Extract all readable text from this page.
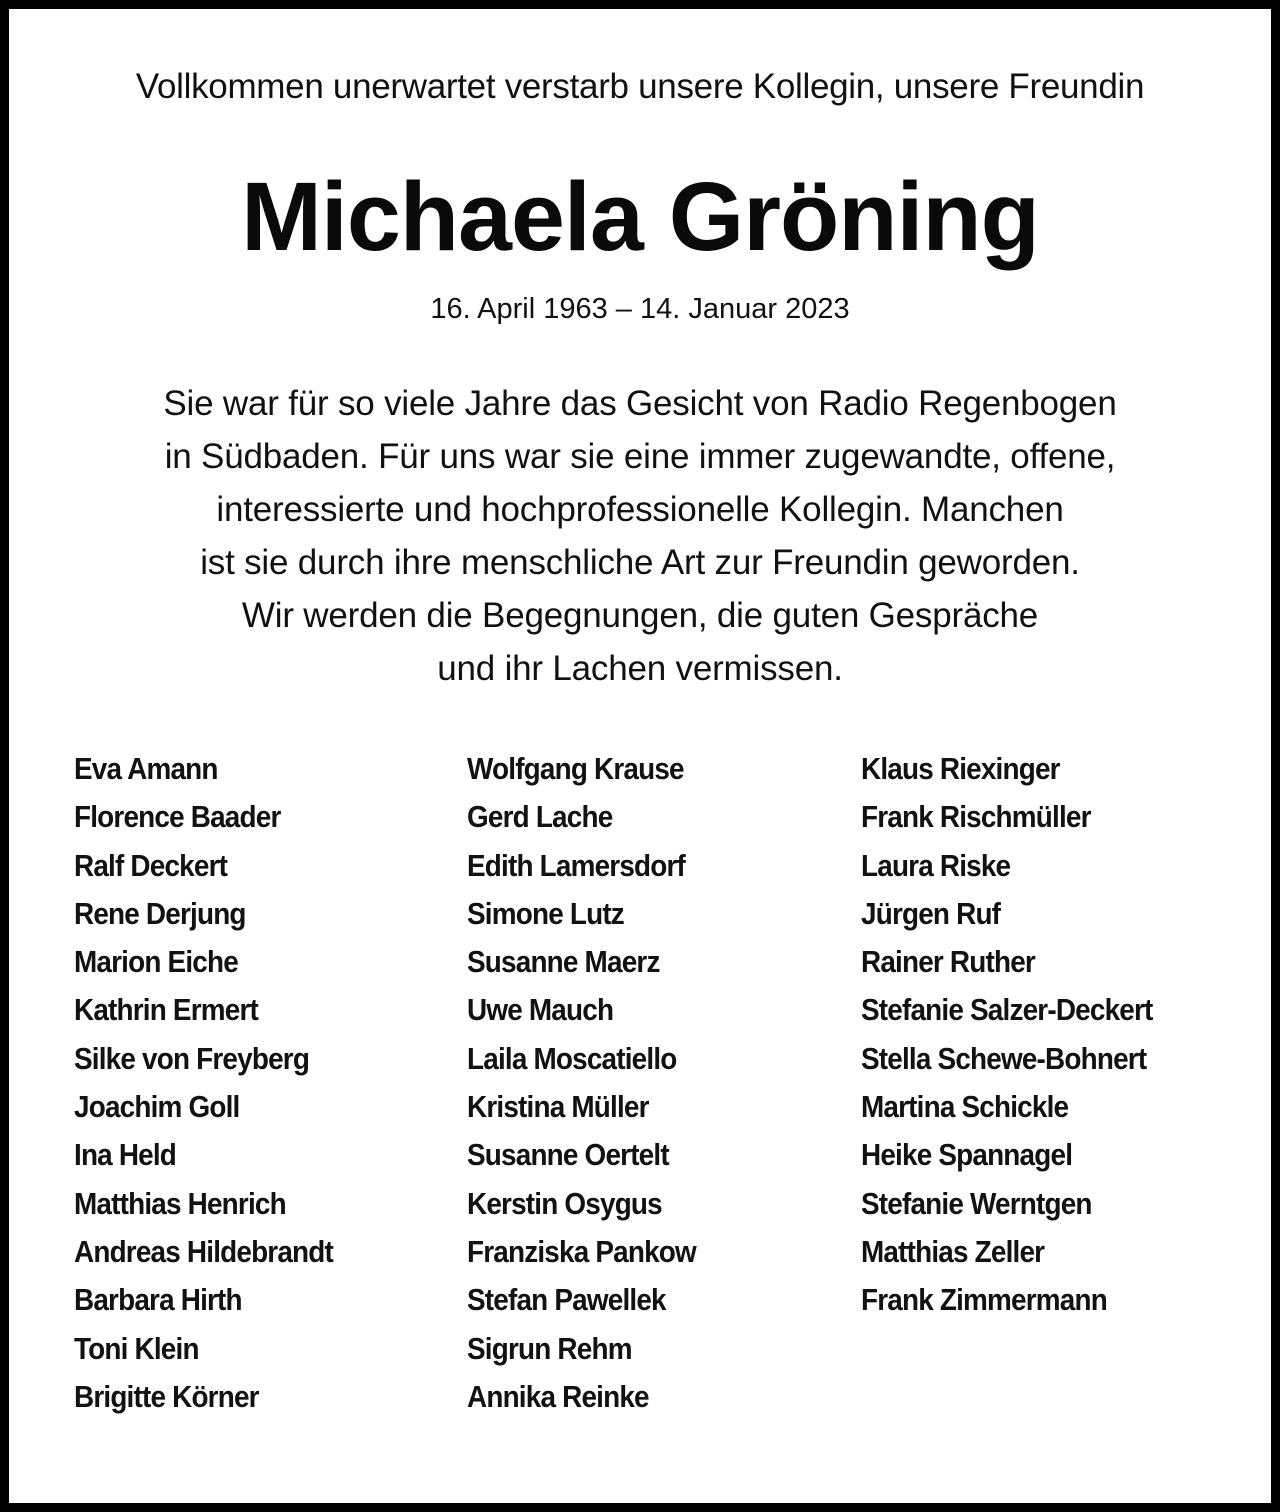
Vollkommen unerwartet verstarb unsere Kollegin, unsere Freundin
Michaela Gröning
16. April 1963 – 14. Januar 2023
Sie war für so viele Jahre das Gesicht von Radio Regenbogen
in Südbaden. Für uns war sie eine immer zugewandte, offene,
interessierte und hochprofessionelle Kollegin. Manchen
ist sie durch ihre menschliche Art zur Freundin geworden.
Wir werden die Begegnungen, die guten Gespräche
und ihr Lachen vermissen.
Eva Amann
Florence Baader
Ralf Deckert
Rene Derjung
Marion Eiche
Kathrin Ermert
Silke von Freyberg
Joachim Goll
Ina Held
Matthias Henrich
Andreas Hildebrandt
Barbara Hirth
Toni Klein
Brigitte Körner
Wolfgang Krause
Gerd Lache
Edith Lamersdorf
Simone Lutz
Susanne Maerz
Uwe Mauch
Laila Moscatiello
Kristina Müller
Susanne Oertelt
Kerstin Osygus
Franziska Pankow
Stefan Pawellek
Sigrun Rehm
Annika Reinke
Klaus Riexinger
Frank Rischmüller
Laura Riske
Jürgen Ruf
Rainer Ruther
Stefanie Salzer-Deckert
Stella Schewe-Bohnert
Martina Schickle
Heike Spannagel
Stefanie Werntgen
Matthias Zeller
Frank Zimmermann
